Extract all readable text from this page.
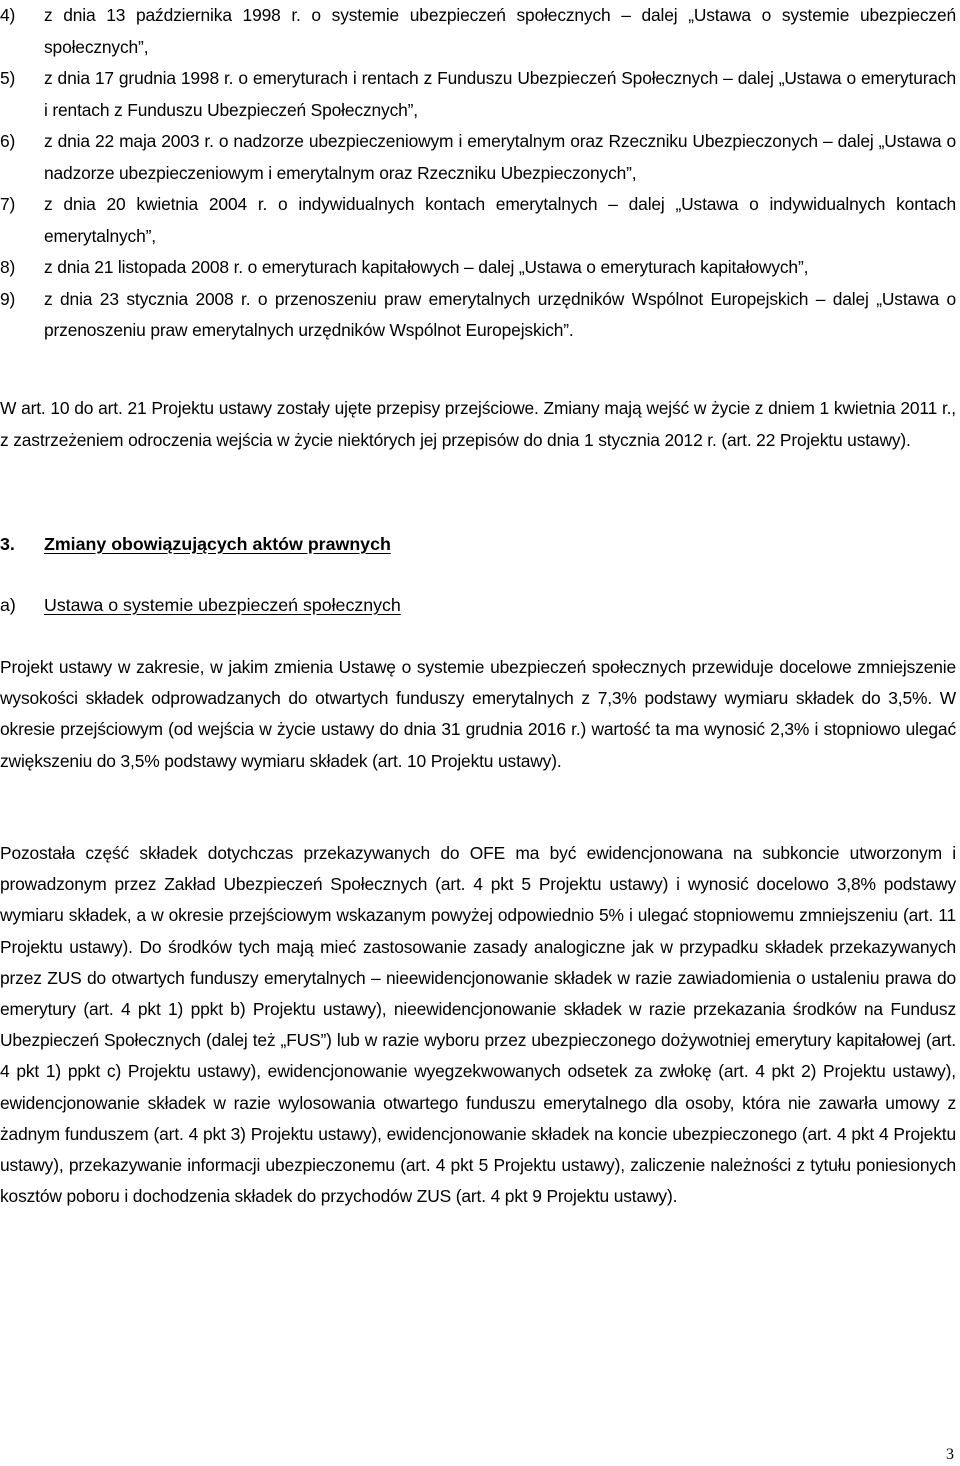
4)	z dnia 13 października 1998 r. o systemie ubezpieczeń społecznych – dalej „Ustawa o systemie ubezpieczeń społecznych”,
5)	z dnia 17 grudnia 1998 r. o emeryturach i rentach z Funduszu Ubezpieczeń Społecznych – dalej „Ustawa o emeryturach i rentach z Funduszu Ubezpieczeń Społecznych”,
6)	z dnia 22 maja 2003 r. o nadzorze ubezpieczeniowym i emerytalnym oraz Rzeczniku Ubezpieczonych – dalej „Ustawa o nadzorze ubezpieczeniowym i emerytalnym oraz Rzeczniku Ubezpieczonych”,
7)	z dnia 20 kwietnia 2004 r. o indywidualnych kontach emerytalnych – dalej „Ustawa o indywidualnych kontach emerytalnych”,
8)	z dnia 21 listopada 2008 r. o emeryturach kapitałowych – dalej „Ustawa o emeryturach kapitałowych”,
9)	z dnia 23 stycznia 2008 r. o przenoszeniu praw emerytalnych urzędników Wspólnot Europejskich – dalej „Ustawa o przenoszeniu praw emerytalnych urzędników Wspólnot Europejskich”.

W art. 10 do art. 21 Projektu ustawy zostały ujęte przepisy przejściowe. Zmiany mają wejść w życie z dniem 1 kwietnia 2011 r., z zastrzeżeniem odroczenia wejścia w życie niektórych jej przepisów do dnia 1 stycznia 2012 r. (art. 22 Projektu ustawy).

3.	Zmiany obowiązujących aktów prawnych
a)	Ustawa o systemie ubezpieczeń społecznych

Projekt ustawy w zakresie, w jakim zmienia Ustawę o systemie ubezpieczeń społecznych przewiduje docelowe zmniejszenie wysokości składek odprowadzanych do otwartych funduszy emerytalnych z 7,3% podstawy wymiaru składek do 3,5%. W okresie przejściowym (od wejścia w życie ustawy do dnia 31 grudnia 2016 r.) wartość ta ma wynosić 2,3% i stopniowo ulegać zwiększeniu do 3,5% podstawy wymiaru składek (art. 10 Projektu ustawy).

Pozostała część składek dotychczas przekazywanych do OFE ma być ewidencjonowana na subkoncie utworzonym i prowadzonym przez Zakład Ubezpieczeń Społecznych (art. 4 pkt 5 Projektu ustawy) i wynosić docelowo 3,8% podstawy wymiaru składek, a w okresie przejściowym wskazanym powyżej odpowiednio 5% i ulegać stopniowemu zmniejszeniu (art. 11 Projektu ustawy). Do środków tych mają mieć zastosowanie zasady analogiczne jak w przypadku składek przekazywanych przez ZUS do otwartych funduszy emerytalnych – nieewidencjonowanie składek w razie zawiadomienia o ustaleniu prawa do emerytury (art. 4 pkt 1) ppkt b) Projektu ustawy), nieewidencjonowanie składek w razie przekazania środków na Fundusz Ubezpieczeń Społecznych (dalej też „FUS”) lub w razie wyboru przez ubezpieczonego dożywotniej emerytury kapitałowej (art. 4 pkt 1) ppkt c) Projektu ustawy), ewidencjonowanie wyegzekwowanych odsetek za zwłokę (art. 4 pkt 2) Projektu ustawy), ewidencjonowanie składek w razie wylosowania otwartego funduszu emerytalnego dla osoby, która nie zawarła umowy z żadnym funduszem (art. 4 pkt 3) Projektu ustawy), ewidencjonowanie składek na koncie ubezpieczonego (art. 4 pkt 4 Projektu ustawy), przekazywanie informacji ubezpieczonemu (art. 4 pkt 5 Projektu ustawy), zaliczenie należności z tytułu poniesionych kosztów poboru i dochodzenia składek do przychodów ZUS (art. 4 pkt 9 Projektu ustawy).

3
